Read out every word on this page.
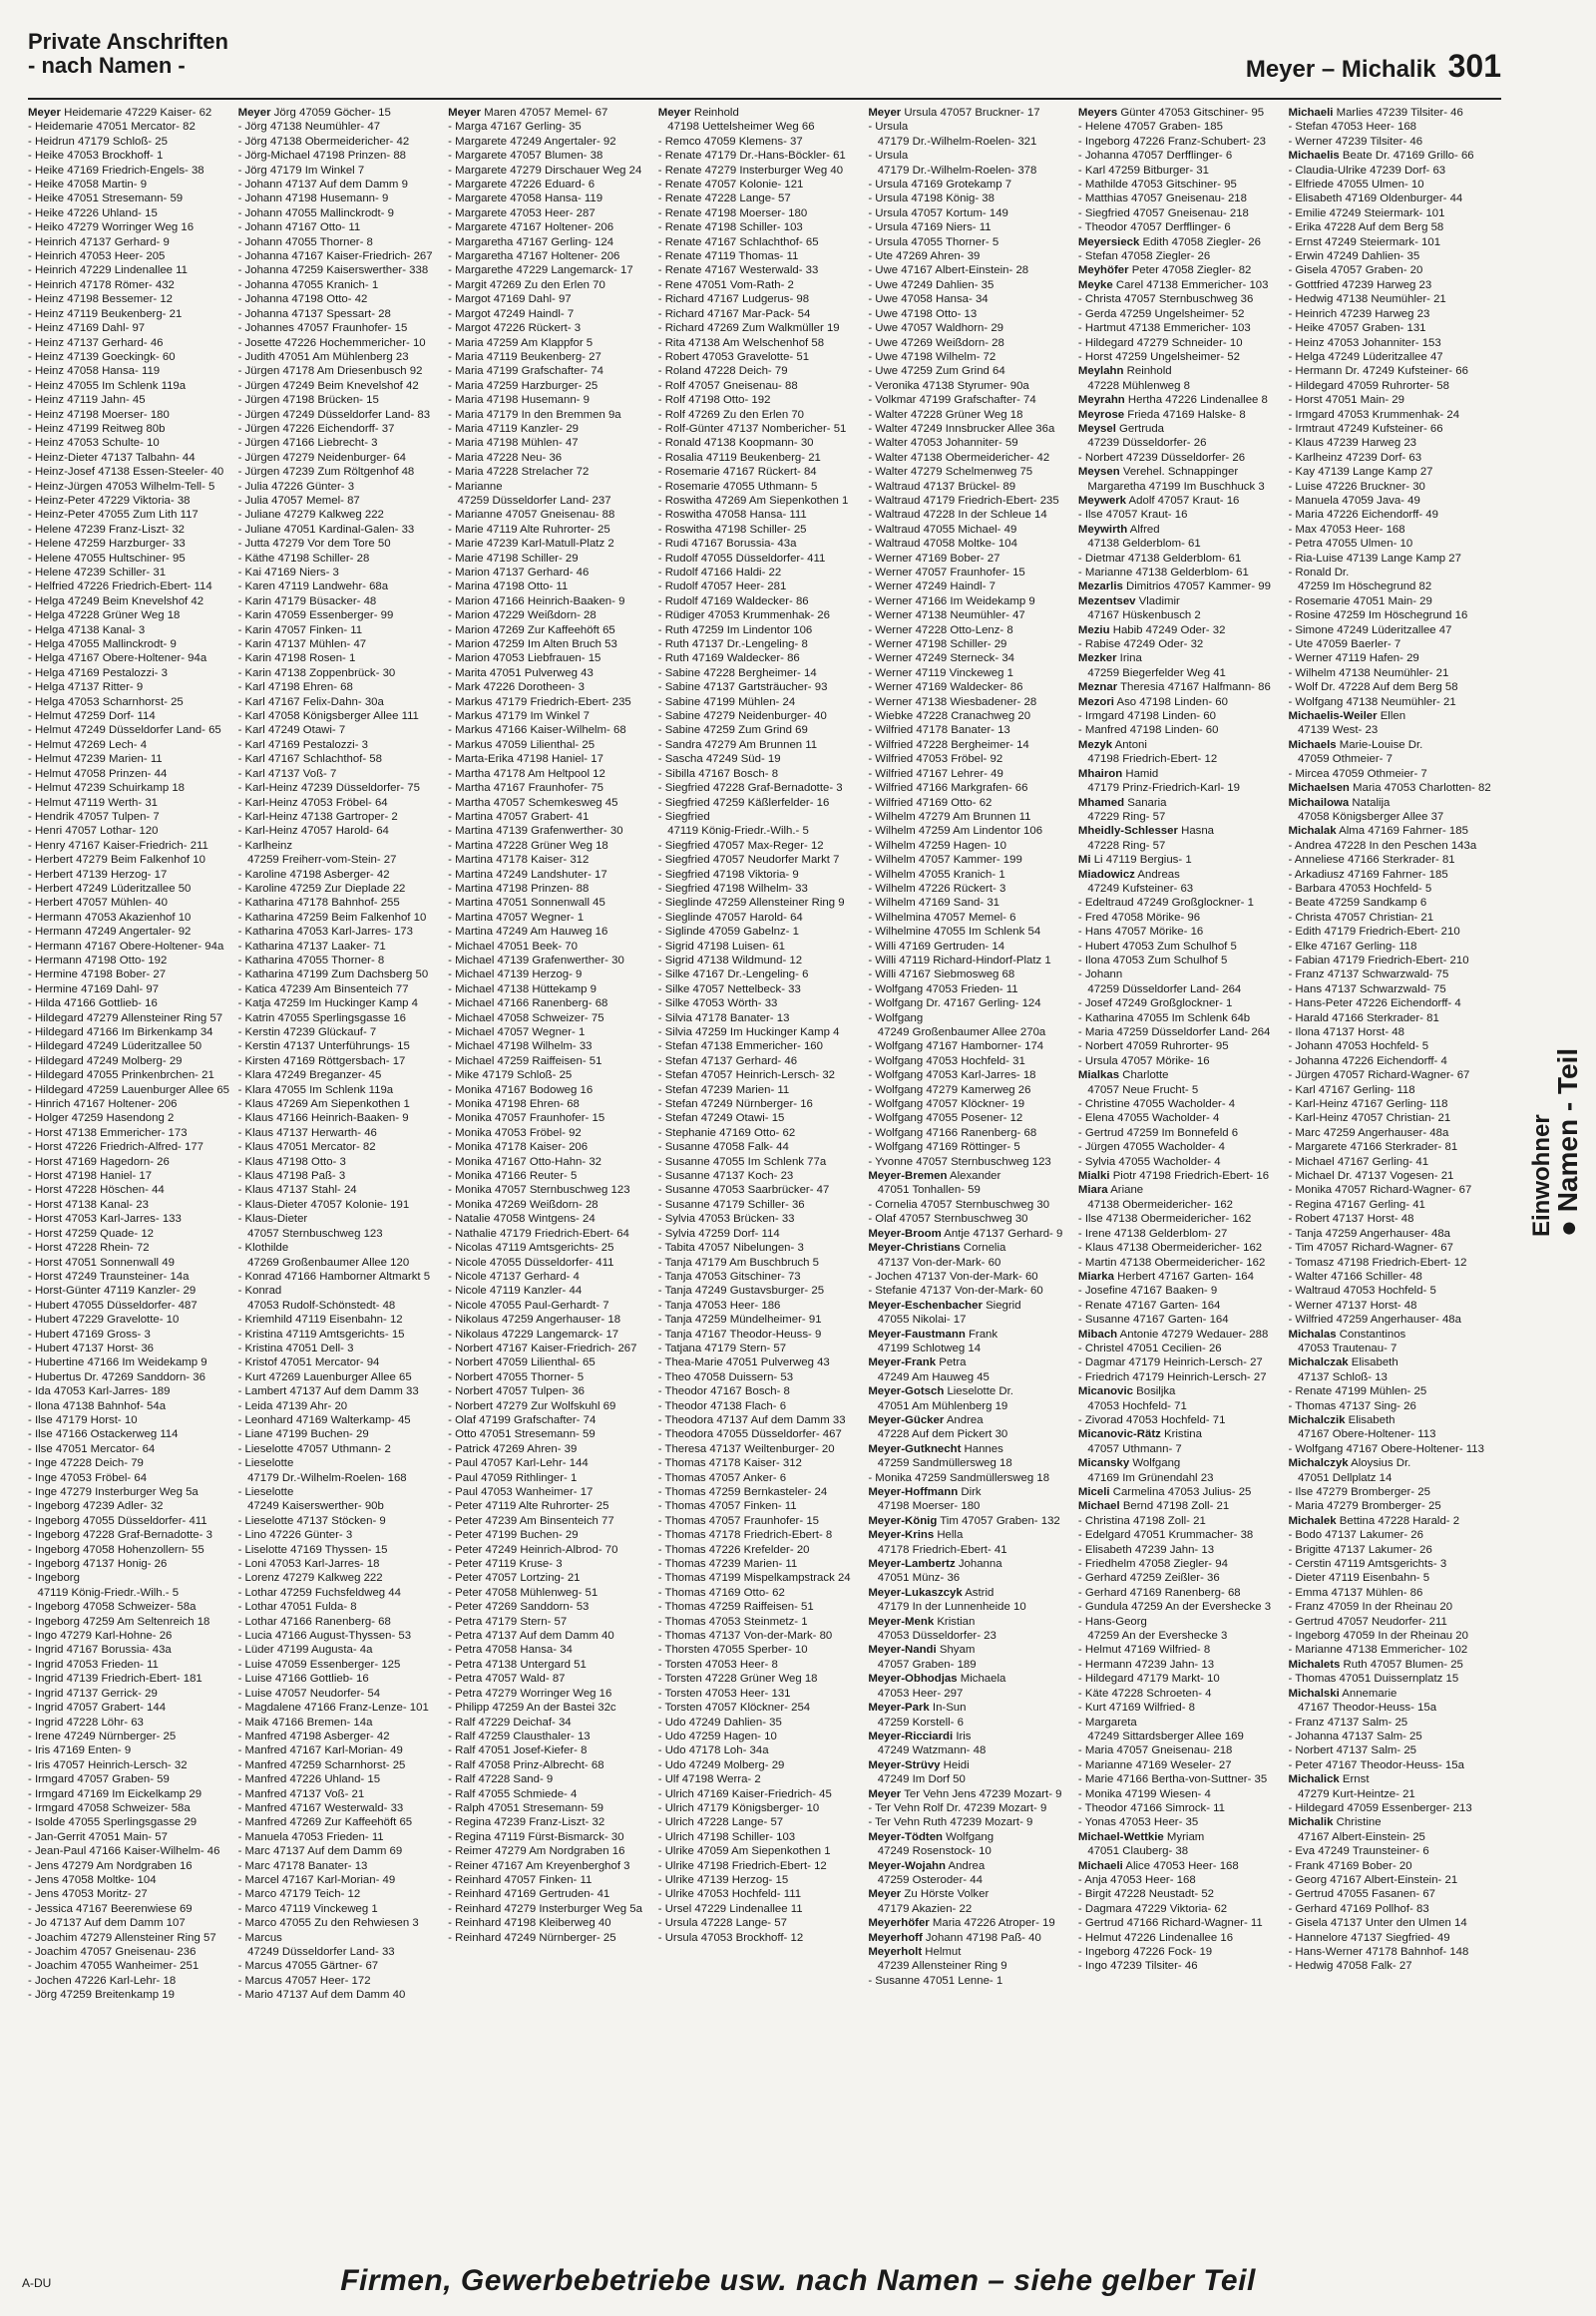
Private Anschriften
- nach Namen -	Meyer – Michalik 301
Meyer Heidemarie 47229 Kaiser- 62
- Heidemarie 47051 Mercator- 82
- Heidrun 47179 Schloß- 25
- Heike 47053 Brockhoff- 1
- Heike 47169 Friedrich-Engels- 38
- Heike 47058 Martin- 9
- Heike 47051 Stresemann- 59
- Heike 47226 Uhland- 15
- Heiko 47279 Worringer Weg 16
- Heinrich 47137 Gerhard- 9
- Heinrich 47053 Heer- 205
- Heinrich 47229 Lindenallee 11
- Heinrich 47178 Römer- 432
- Heinz 47198 Bessemer- 12
- Heinz 47119 Beukenberg- 21
- Heinz 47169 Dahl- 97
- Heinz 47137 Gerhard- 46
- Heinz 47139 Goeckingk- 60
- Heinz 47058 Hansa- 119
- Heinz 47055 Im Schlenk 119a
- Heinz 47119 Jahn- 45
- Heinz 47198 Moerser- 180
- Heinz 47199 Reitweg 80b
- Heinz 47053 Schulte- 10
- Heinz-Dieter 47137 Talbahn- 44
- Heinz-Josef 47138 Essen-Steeler- 40
- Heinz-Jürgen 47053 Wilhelm-Tell- 5
- Heinz-Peter 47229 Viktoria- 38
- Heinz-Peter 47055 Zum Lith 117
- Helene 47239 Franz-Liszt- 32
- Helene 47259 Harzburger- 33
- Helene 47055 Hultschiner- 95
- Helene 47239 Schiller- 31
- Helfried 47226 Friedrich-Ebert- 114
- Helga 47249 Beim Knevelshof 42
- Helga 47228 Grüner Weg 18
- Helga 47138 Kanal- 3
- Helga 47055 Mallinckrodt- 9
- Helga 47167 Obere-Holtener- 94a
- Helga 47169 Pestalozzi- 3
- Helga 47137 Ritter- 9
- Helga 47053 Scharnhorst- 25
- Helmut 47259 Dorf- 114
- Helmut 47249 Düsseldorfer Land- 65
- Helmut 47269 Lech- 4
- Helmut 47239 Marien- 11
- Helmut 47058 Prinzen- 44
- Helmut 47239 Schuirkamp 18
- Helmut 47119 Werth- 31
- Hendrik 47057 Tulpen- 7
- Henri 47057 Lothar- 120
- Henry 47167 Kaiser-Friedrich- 211
- Herbert 47279 Beim Falkenhof 10
- Herbert 47139 Herzog- 17
- Herbert 47249 Lüderitzallee 50
- Herbert 47057 Mühlen- 40
- Hermann 47053 Akazienhof 10
- Hermann 47249 Angertaler- 92
- Hermann 47167 Obere-Holtener- 94a
- Hermann 47198 Otto- 192
- Hermine 47198 Bober- 27
- Hermine 47169 Dahl- 97
- Hilda 47166 Gottlieb- 16
- Hildegard 47279 Allensteiner Ring 57
- Hildegard 47166 Im Birkenkamp 34
- Hildegard 47249 Lüderitzallee 50
- Hildegard 47249 Molberg- 29
- Hildegard 47055 Prinkenbrchen- 21
- Hildegard 47259 Lauenburger Allee 65
- Hinrich 47167 Holtener- 206
- Holger 47259 Hasendong 2
- Horst 47138 Emmericher- 173
- Horst 47226 Friedrich-Alfred- 177
- Horst 47169 Hagedorn- 26
- Horst 47198 Haniel- 17
- Horst 47228 Höschen- 44
- Horst 47138 Kanal- 23
- Horst 47053 Karl-Jarres- 133
- Horst 47259 Quade- 12
- Horst 47228 Rhein- 72
- Horst 47051 Sonnenwall 49
- Horst 47249 Traunsteiner- 14a
- Horst-Günter 47119 Kanzler- 29
- Hubert 47055 Düsseldorfer- 487
- Hubert 47229 Gravelotte- 10
- Hubert 47169 Gross- 3
- Hubert 47137 Horst- 36
- Hubertine 47166 Im Weidekamp 9
- Hubertus Dr. 47269 Sanddorn- 36
- Ida 47053 Karl-Jarres- 189
- Ilona 47138 Bahnhof- 54a
- Ilse 47179 Horst- 10
- Ilse 47166 Ostackerweg 114
- Ilse 47051 Mercator- 64
- Inge 47228 Deich- 79
- Inge 47053 Fröbel- 64
- Inge 47279 Insterburger Weg 5a
- Ingeborg 47239 Adler- 32
- Ingeborg 47055 Düsseldorfer- 411
- Ingeborg 47228 Graf-Bernadotte- 3
- Ingeborg 47058 Hohenzollern- 55
- Ingeborg 47137 Honig- 26
- Ingeborg
47119 König-Friedr.-Wilh.- 5
- Ingeborg 47058 Schweizer- 58a
- Ingeborg 47259 Am Seltenreich 18
- Ingo 47279 Karl-Hohne- 26
- Ingrid 47167 Borussia- 43a
- Ingrid 47053 Frieden- 11
- Ingrid 47139 Friedrich-Ebert- 181
- Ingrid 47137 Gerrick- 29
- Ingrid 47057 Grabert- 144
- Ingrid 47228 Löhr- 63
- Irene 47249 Nürnberger- 25
- Iris 47169 Enten- 9
- Iris 47057 Heinrich-Lersch- 32
- Irmgard 47057 Graben- 59
- Irmgard 47169 Im Eickelkamp 29
- Irmgard 47058 Schweizer- 58a
- Isolde 47055 Sperlingsgasse 29
- Jan-Gerrit 47051 Main- 57
- Jean-Paul 47166 Kaiser-Wilhelm- 46
- Jens 47279 Am Nordgraben 16
- Jens 47058 Moltke- 104
- Jens 47053 Moritz- 27
- Jessica 47167 Beerenwiese 69
- Jo 47137 Auf dem Damm 107
- Joachim 47279 Allensteiner Ring 57
- Joachim 47057 Gneisenau- 236
- Joachim 47055 Wanheimer- 251
- Jochen 47226 Karl-Lehr- 18
- Jörg 47259 Breitenkamp 19
Meyer Jörg 47059 Göcher- 15
- Jörg 47138 Neumühler- 47
- Jörg 47138 Obermeidericher- 42
- Jörg-Michael 47198 Prinzen- 88
- Jörg 47179 Im Winkel 7
- Johann 47137 Auf dem Damm 9
- Johann 47198 Husemann- 9
- Johann 47055 Mallinckrodt- 9
- Johann 47167 Otto- 11
- Johann 47055 Thorner- 8
- Johanna 47167 Kaiser-Friedrich- 267
- Johanna 47259 Kaiserswerther- 338
- Johanna 47055 Kranich- 1
- Johanna 47198 Otto- 42
- Johanna 47137 Spessart- 28
- Johannes 47057 Fraunhofer- 15
- Josette 47226 Hochemmericher- 10
- Judith 47051 Am Mühlenberg 23
- Jürgen 47178 Am Driesenbusch 92
- Jürgen 47249 Beim Knevelshof 42
- Jürgen 47198 Brücken- 15
- Jürgen 47249 Düsseldorfer Land- 83
- Jürgen 47226 Eichendorff- 37
- Jürgen 47166 Liebrecht- 3
- Jürgen 47279 Neidenburger- 64
- Jürgen 47239 Zum Röltgenhof 48
- Julia 47226 Günter- 3
- Julia 47057 Memel- 87
- Juliane 47279 Kalkweg 222
- Juliane 47051 Kardinal-Galen- 33
- Jutta 47279 Vor dem Tore 50
- Käthe 47198 Schiller- 28
- Kai 47169 Niers- 3
- Karen 47119 Landwehr- 68a
- Karin 47179 Büsacker- 48
- Karin 47059 Essenberger- 99
- Karin 47057 Finken- 11
- Karin 47137 Mühlen- 47
- Karin 47198 Rosen- 1
- Karin 47138 Zoppenbrück- 30
- Karl 47198 Ehren- 68
- Karl 47167 Felix-Dahn- 30a
- Karl 47058 Königsberger Allee 111
- Karl 47249 Otawi- 7
- Karl 47169 Pestalozzi- 3
- Karl 47167 Schlachthof- 58
- Karl 47137 Voß- 7
- Karl-Heinz 47239 Düsseldorfer- 75
- Karl-Heinz 47053 Fröbel- 64
- Karl-Heinz 47138 Gartroper- 2
- Karl-Heinz 47057 Harold- 64
- Karlheinz
47259 Freiherr-vom-Stein- 27
- Karoline 47198 Asberger- 42
- Karoline 47259 Zur Dieplade 22
- Katharina 47178 Bahnhof- 255
- Katharina 47259 Beim Falkenhof 10
- Katharina 47053 Karl-Jarres- 173
- Katharina 47137 Laaker- 71
- Katharina 47055 Thorner- 8
- Katharina 47199 Zum Dachsberg 50
- Katica 47239 Am Binsenteich 77
- Katja 47259 Im Huckinger Kamp 4
- Katrin 47055 Sperlingsgasse 16
- Kerstin 47239 Glückauf- 7
- Kerstin 47137 Unterführungs- 15
- Kirsten 47169 Röttgersbach- 17
- Klara 47249 Breganzer- 45
- Klara 47055 Im Schlenk 119a
- Klaus 47269 Am Siepenkothen 1
- Klaus 47166 Heinrich-Baaken- 9
- Klaus 47137 Herwarth- 46
- Klaus 47051 Mercator- 82
- Klaus 47198 Otto- 3
- Klaus 47198 Paß- 3
- Klaus 47137 Stahl- 24
- Klaus-Dieter 47057 Kolonie- 191
- Klaus-Dieter
47057 Sternbuschweg 123
- Klothilde
47269 Großenbaumer Allee 120
- Konrad 47166 Hamborner Altmarkt 5
- Konrad
47053 Rudolf-Schönstedt- 48
- Kriemhild 47119 Eisenbahn- 12
- Kristina 47119 Amtsgerichts- 15
- Kristina 47051 Dell- 3
- Kristof 47051 Mercator- 94
- Kurt 47269 Lauenburger Allee 65
- Lambert 47137 Auf dem Damm 33
- Leida 47139 Ahr- 20
- Leonhard 47169 Walterkamp- 45
- Liane 47199 Buchen- 29
- Lieselotte 47057 Uthmann- 2
- Lieselotte
47179 Dr.-Wilhelm-Roelen- 168
- Lieselotte
47249 Kaiserswerther- 90b
- Lieselotte 47137 Stöcken- 9
- Lino 47226 Günter- 3
- Liselotte 47169 Thyssen- 15
- Loni 47053 Karl-Jarres- 18
- Lorenz 47279 Kalkweg 222
- Lothar 47259 Fuchsfeldweg 44
- Lothar 47051 Fulda- 8
- Lothar 47166 Ranenberg- 68
- Lucia 47166 August-Thyssen- 53
- Lüder 47199 Augusta- 4a
- Luise 47059 Essenberger- 125
- Luise 47166 Gottlieb- 16
- Luise 47057 Neudorfer- 54
- Magdalene 47166 Franz-Lenze- 101
- Maik 47166 Bremen- 14a
- Manfred 47198 Asberger- 42
- Manfred 47167 Karl-Morian- 49
- Manfred 47259 Scharnhorst- 25
- Manfred 47226 Uhland- 15
- Manfred 47137 Voß- 21
- Manfred 47167 Westerwald- 33
- Manfred 47269 Zur Kaffeehöft 65
- Manuela 47053 Frieden- 11
- Marc 47137 Auf dem Damm 69
- Marc 47178 Banater- 13
- Marcel 47167 Karl-Morian- 49
- Marco 47179 Teich- 12
- Marco 47119 Vinckeweg 1
- Marco 47055 Zu den Rehwiesen 3
- Marcus
47249 Düsseldorfer Land- 33
- Marcus 47055 Gärtner- 67
- Marcus 47057 Heer- 172
- Mario 47137 Auf dem Damm 40
Meyer Maren 47057 Memel- 67
- Marga 47167 Gerling- 35
- Margarete 47249 Angertaler- 92
- Margarete 47057 Blumen- 38
- Margarete 47279 Dirschauer Weg 24
- Margarete 47226 Eduard- 6
- Margarete 47058 Hansa- 119
- Margarete 47053 Heer- 287
- Margarete 47167 Holtener- 206
- Margaretha 47167 Gerling- 124
- Margaretha 47167 Holtener- 206
- Margarethe 47229 Langemarck- 17
- Margit 47269 Zu den Erlen 70
- Margot 47169 Dahl- 97
- Margot 47249 Haindl- 7
- Margot 47226 Rückert- 3
- Maria 47259 Am Klappfor 5
- Maria 47119 Beukenberg- 27
- Maria 47199 Grafschafter- 74
- Maria 47259 Harzburger- 25
- Maria 47198 Husemann- 9
- Maria 47179 In den Bremmen 9a
- Maria 47119 Kanzler- 29
- Maria 47198 Mühlen- 47
- Maria 47228 Neu- 36
- Maria 47228 Strelacher 72
- Marianne
47259 Düsseldorfer Land- 237
- Marianne 47057 Gneisenau- 88
- Marie 47119 Alte Ruhrorter- 25
- Marie 47239 Karl-Matull-Platz 2
- Marie 47198 Schiller- 29
- Marion 47137 Gerhard- 46
- Marina 47198 Otto- 11
- Marion 47166 Heinrich-Baaken- 9
- Marion 47229 Weißdorn- 28
- Marion 47269 Zur Kaffeehöft 65
- Marion 47259 Im Alten Bruch 53
- Marion 47053 Liebfrauen- 15
- Marita 47051 Pulverweg 43
- Mark 47226 Dorotheen- 3
- Markus 47179 Friedrich-Ebert- 235
- Markus 47179 Im Winkel 7
- Markus 47166 Kaiser-Wilhelm- 68
- Markus 47059 Lilienthal- 25
- Marta-Erika 47198 Haniel- 17
- Martha 47178 Am Heltpool 12
- Martha 47167 Fraunhofer- 75
- Martha 47057 Schemkesweg 45
- Martina 47057 Grabert- 41
- Martina 47139 Grafenwerther- 30
- Martina 47228 Grüner Weg 18
- Martina 47178 Kaiser- 312
- Martina 47249 Landshuter- 17
- Martina 47198 Prinzen- 88
- Martina 47051 Sonnenwall 45
- Martina 47057 Wegner- 1
- Martina 47249 Am Hauweg 16
- Michael 47051 Beek- 70
- Michael 47139 Grafenwerther- 30
- Michael 47139 Herzog- 9
- Michael 47138 Hüttekamp 9
- Michael 47166 Ranenberg- 68
- Michael 47058 Schweizer- 75
- Michael 47057 Wegner- 1
- Michael 47198 Wilhelm- 33
- Michael 47259 Raiffeisen- 51
- Mike 47179 Schloß- 25
- Monika 47167 Bodoweg 16
- Monika 47198 Ehren- 68
- Monika 47057 Fraunhofer- 15
- Monika 47053 Fröbel- 92
- Monika 47178 Kaiser- 206
- Monika 47167 Otto-Hahn- 32
- Monika 47166 Reuter- 5
- Monika 47057 Sternbuschweg 123
- Monika 47269 Weißdorn- 28
- Natalie 47058 Wintgens- 24
- Nathalie 47179 Friedrich-Ebert- 64
- Nicolas 47119 Amtsgerichts- 25
- Nicole 47055 Düsseldorfer- 411
- Nicole 47137 Gerhard- 4
- Nicole 47119 Kanzler- 44
- Nicole 47055 Paul-Gerhardt- 7
- Nikolaus 47259 Angerhauser- 18
- Nikolaus 47229 Langemarck- 17
- Norbert 47167 Kaiser-Friedrich- 267
- Norbert 47059 Lilienthal- 65
- Norbert 47055 Thorner- 5
- Norbert 47057 Tulpen- 36
- Norbert 47279 Zur Wolfskuhl 69
- Olaf 47199 Grafschafter- 74
- Otto 47051 Stresemann- 59
- Patrick 47269 Ahren- 39
- Paul 47057 Karl-Lehr- 144
- Paul 47059 Rithlinger- 1
- Paul 47053 Wanheimer- 17
- Peter 47119 Alte Ruhrorter- 25
- Peter 47239 Am Binsenteich 77
- Peter 47199 Buchen- 29
- Peter 47249 Heinrich-Albrod- 70
- Peter 47119 Kruse- 3
- Peter 47057 Lortzing- 21
- Peter 47058 Mühlenweg- 51
- Peter 47269 Sanddorn- 53
- Petra 47179 Stern- 57
- Petra 47137 Auf dem Damm 40
- Petra 47058 Hansa- 34
- Petra 47138 Untergard 51
- Petra 47057 Wald- 87
- Petra 47279 Worringer Weg 16
- Philipp 47259 An der Bastei 32c
- Ralf 47229 Deichaf- 34
- Ralf 47259 Clausthaler- 13
- Ralf 47051 Josef-Kiefer- 8
- Ralf 47058 Prinz-Albrecht- 68
- Ralf 47228 Sand- 9
- Ralf 47055 Schmiede- 4
- Ralph 47051 Stresemann- 59
- Regina 47239 Franz-Liszt- 32
- Regina 47119 Fürst-Bismarck- 30
- Reimer 47279 Am Nordgraben 16
- Reiner 47167 Am Kreyenberghof 3
- Reinhard 47057 Finken- 11
- Reinhard 47169 Gertruden- 41
- Reinhard 47279 Insterburger Weg 5a
- Reinhard 47198 Kleiberweg 40
- Reinhard 47249 Nürnberger- 25
Meyer Reinhold
47198 Uettelsheimer Weg 66
- Remco 47059 Klemens- 37
- Renate 47179 Dr.-Hans-Böckler- 61
- Renate 47279 Insterburger Weg 40
- Renate 47057 Kolonie- 121
- Renate 47228 Lange- 57
- Renate 47198 Moerser- 180
- Renate 47198 Schiller- 103
- Renate 47167 Schlachthof- 65
- Renate 47119 Thomas- 11
- Renate 47167 Westerwald- 33
- Rene 47051 Vom-Rath- 2
- Richard 47167 Ludgerus- 98
- Richard 47167 Mar-Pack- 54
- Richard 47269 Zum Walkmüller 19
- Rita 47138 Am Welschenhof 58
- Robert 47053 Gravelotte- 51
- Roland 47228 Deich- 79
- Rolf 47057 Gneisenau- 88
- Rolf 47198 Otto- 192
- Rolf 47269 Zu den Erlen 70
- Rolf-Günter 47137 Nombericher- 51
- Ronald 47138 Koopmann- 30
- Rosalia 47119 Beukenberg- 21
- Rosemarie 47167 Rückert- 84
- Rosemarie 47055 Uthmann- 5
- Roswitha 47269 Am Siepenkothen 1
- Roswitha 47058 Hansa- 111
- Roswitha 47198 Schiller- 25
- Rudi 47167 Borussia- 43a
- Rudolf 47055 Düsseldorfer- 411
- Rudolf 47166 Haldi- 22
- Rudolf 47057 Heer- 281
- Rudolf 47169 Waldecker- 86
- Rüdiger 47053 Krummenhak- 26
- Ruth 47259 Im Lindentor 106
- Ruth 47137 Dr.-Lengeling- 8
- Ruth 47169 Waldecker- 86
- Sabine 47228 Bergheimer- 14
- Sabine 47137 Gartsträucher- 93
- Sabine 47199 Mühlen- 24
- Sabine 47279 Neidenburger- 40
- Sabine 47259 Zum Grind 69
- Sandra 47279 Am Brunnen 11
- Sascha 47249 Süd- 19
- Sibilla 47167 Bosch- 8
- Siegfried 47228 Graf-Bernadotte- 3
- Siegfried 47259 Käßlerfelder- 16
- Siegfried
47119 König-Friedr.-Wilh.- 5
- Siegfried 47057 Max-Reger- 12
- Siegfried 47057 Neudorfer Markt 7
- Siegfried 47198 Viktoria- 9
- Siegfried 47198 Wilhelm- 33
- Sieglinde 47259 Allensteiner Ring 9
- Sieglinde 47057 Harold- 64
- Siglinde 47059 Gabelnz- 1
- Sigrid 47198 Luisen- 61
- Sigrid 47138 Wildmund- 12
- Silke 47167 Dr.-Lengeling- 6
- Silke 47057 Nettelbeck- 33
- Silke 47053 Wörth- 33
- Silvia 47178 Banater- 13
- Silvia 47259 Im Huckinger Kamp 4
- Stefan 47138 Emmericher- 160
- Stefan 47137 Gerhard- 46
- Stefan 47057 Heinrich-Lersch- 32
- Stefan 47239 Marien- 11
- Stefan 47249 Nürnberger- 16
- Stefan 47249 Otawi- 15
- Stephanie 47169 Otto- 62
- Susanne 47058 Falk- 44
- Susanne 47055 Im Schlenk 77a
- Susanne 47137 Koch- 23
- Susanne 47053 Saarbrücker- 47
- Susanne 47179 Schiller- 36
- Sylvia 47053 Brücken- 33
- Sylvia 47259 Dorf- 114
- Tabita 47057 Nibelungen- 3
- Tanja 47179 Am Buschbruch 5
- Tanja 47053 Gitschiner- 73
- Tanja 47249 Gustavsburger- 25
- Tanja 47053 Heer- 186
- Tanja 47259 Mündelheimer- 91
- Tanja 47167 Theodor-Heuss- 9
- Tatjana 47179 Stern- 57
- Thea-Marie 47051 Pulverweg 43
- Theo 47058 Duissern- 53
- Theodor 47167 Bosch- 8
- Theodor 47138 Flach- 6
- Theodora 47137 Auf dem Damm 33
- Theodora 47055 Düsseldorfer- 467
- Theresa 47137 Weiltenburger- 20
- Thomas 47178 Kaiser- 312
- Thomas 47057 Anker- 6
- Thomas 47259 Bernkasteler- 24
- Thomas 47057 Finken- 11
- Thomas 47057 Fraunhofer- 15
- Thomas 47178 Friedrich-Ebert- 8
- Thomas 47226 Krefelder- 20
- Thomas 47239 Marien- 11
- Thomas 47199 Mispelkampstrack 24
- Thomas 47169 Otto- 62
- Thomas 47259 Raiffeisen- 51
- Thomas 47053 Steinmetz- 1
- Thomas 47137 Von-der-Mark- 80
- Thorsten 47055 Sperber- 10
- Torsten 47053 Heer- 8
- Torsten 47228 Grüner Weg 18
- Torsten 47053 Heer- 131
- Torsten 47057 Klöckner- 254
- Udo 47249 Dahlien- 35
- Udo 47259 Hagen- 10
- Udo 47178 Loh- 34a
- Udo 47249 Molberg- 29
- Ulf 47198 Werra- 2
- Ulrich 47169 Kaiser-Friedrich- 45
- Ulrich 47179 Königsberger- 10
- Ulrich 47228 Lange- 57
- Ulrich 47198 Schiller- 103
- Ulrike 47059 Am Siepenkothen 1
- Ulrike 47198 Friedrich-Ebert- 12
- Ulrike 47139 Herzog- 15
- Ulrike 47053 Hochfeld- 111
- Ursel 47229 Lindenallee 11
- Ursula 47228 Lange- 57
- Ursula 47053 Brockhoff- 12
Meyer Ursula 47057 Bruckner- 17
- Ursula
47179 Dr.-Wilhelm-Roelen- 321
- Ursula
47179 Dr.-Wilhelm-Roelen- 378
- Ursula 47169 Grotekamp 7
- Ursula 47198 König- 38
- Ursula 47057 Kortum- 149
- Ursula 47169 Niers- 11
- Ursula 47055 Thorner- 5
- Ute 47269 Ahren- 39
- Uwe 47167 Albert-Einstein- 28
- Uwe 47249 Dahlien- 35
- Uwe 47058 Hansa- 34
- Uwe 47198 Otto- 13
- Uwe 47057 Waldhorn- 29
- Uwe 47269 Weißdorn- 28
- Uwe 47198 Wilhelm- 72
- Uwe 47259 Zum Grind 64
- Veronika 47138 Styrumer- 90a
- Volkmar 47199 Grafschafter- 74
- Walter 47228 Grüner Weg 18
- Walter 47249 Innsbrucker Allee 36a
- Walter 47053 Johanniter- 59
- Walter 47138 Obermeidericher- 42
- Walter 47279 Schelmenweg 75
- Waltraud 47137 Brückel- 89
- Waltraud 47179 Friedrich-Ebert- 235
- Waltraud 47228 In der Schleue 14
- Waltraud 47055 Michael- 49
- Waltraud 47058 Moltke- 104
- Werner 47169 Bober- 27
- Werner 47057 Fraunhofer- 15
- Werner 47249 Haindl- 7
- Werner 47166 Im Weidekamp 9
- Werner 47138 Neumühler- 47
- Werner 47228 Otto-Lenz- 8
- Werner 47198 Schiller- 29
- Werner 47249 Sterneck- 34
- Werner 47119 Vinckeweg 1
- Werner 47169 Waldecker- 86
- Werner 47138 Wiesbadener- 28
- Wiebke 47228 Cranachweg 20
- Wilfried 47178 Banater- 13
- Wilfried 47228 Bergheimer- 14
- Wilfried 47053 Fröbel- 92
- Wilfried 47167 Lehrer- 49
- Wilfried 47166 Markgrafen- 66
- Wilfried 47169 Otto- 62
- Wilhelm 47279 Am Brunnen 11
- Wilhelm 47259 Am Lindentor 106
- Wilhelm 47259 Hagen- 10
- Wilhelm 47057 Kammer- 199
- Wilhelm 47055 Kranich- 1
- Wilhelm 47226 Rückert- 3
- Wilhelm 47169 Sand- 31
- Wilhelmina 47057 Memel- 6
- Wilhelmine 47055 Im Schlenk 54
- Willi 47169 Gertruden- 14
- Willi 47119 Richard-Hindorf-Platz 1
- Willi 47167 Siebmosweg 68
- Wolfgang 47053 Frieden- 11
- Wolfgang Dr. 47167 Gerling- 124
- Wolfgang
47249 Großenbaumer Allee 270a
- Wolfgang 47167 Hamborner- 174
- Wolfgang 47053 Hochfeld- 31
- Wolfgang 47053 Karl-Jarres- 18
- Wolfgang 47279 Kamerweg 26
- Wolfgang 47057 Klöckner- 19
- Wolfgang 47055 Posener- 12
- Wolfgang 47166 Ranenberg- 68
- Wolfgang 47169 Röttinger- 5
- Yvonne 47057 Sternbuschweg 123
Meyer-Bremen Alexander
47051 Tonhallen- 59
- Cornelia 47057 Sternbuschweg 30
- Olaf 47057 Sternbuschweg 30
Meyer-Broom Antje 47137 Gerhard- 9
Meyer-Christians Cornelia
47137 Von-der-Mark- 60
- Jochen 47137 Von-der-Mark- 60
- Stefanie 47137 Von-der-Mark- 60
Meyer-Eschenbacher Siegrid
47055 Nikolai- 17
Meyer-Faustmann Frank
47199 Schlotweg 14
Meyer-Frank Petra
47249 Am Hauweg 45
Meyer-Gotsch Lieselotte Dr.
47051 Am Mühlenberg 19
Meyer-Gücker Andrea
47228 Auf dem Pickert 30
Meyer-Gutknecht Hannes
47259 Sandmüllersweg 18
- Monika 47259 Sandmüllersweg 18
Meyer-Hoffmann Dirk
47198 Moerser- 180
Meyer-König Tim 47057 Graben- 132
Meyer-Krins Hella
47178 Friedrich-Ebert- 41
Meyer-Lambertz Johanna
47051 Münz- 36
Meyer-Lukaszcyk Astrid
47179 In der Lunnenheide 10
Meyer-Menk Kristian
47053 Düsseldorfer- 23
Meyer-Nandi Shyam
47057 Graben- 189
Meyer-Obhodjas Michaela
47053 Heer- 297
Meyer-Park In-Sun
47259 Korstell- 6
Meyer-Ricciardi Iris
47249 Watzmann- 48
Meyer-Strüvy Heidi
47249 Im Dorf 50
Meyer Ter Vehn Jens 47239 Mozart- 9
- Ter Vehn Rolf Dr. 47239 Mozart- 9
- Ter Vehn Ruth 47239 Mozart- 9
Meyer-Tödten Wolfgang
47249 Rosenstock- 10
Meyer-Wojahn Andrea
47259 Osteroder- 44
Meyer Zu Hörste Volker
47179 Akazien- 22
Meyerhöfer Maria 47226 Atroper- 19
Meyerhoff Johann 47198 Paß- 40
Meyerholt Helmut
47239 Allensteiner Ring 9
- Susanne 47051 Lenne- 1
Meyers Günter 47053 Gitschiner- 95
- Helene 47057 Graben- 185
- Ingeborg 47226 Franz-Schubert- 23
- Johanna 47057 Derfflinger- 6
- Karl 47259 Bitburger- 31
- Mathilde 47053 Gitschiner- 95
- Matthias 47057 Gneisenau- 218
- Siegfried 47057 Gneisenau- 218
- Theodor 47057 Derfflinger- 6
Meyersieck Edith 47058 Ziegler- 26
- Stefan 47058 Ziegler- 26
Meyhöfer Peter 47058 Ziegler- 82
Meyke Carel 47138 Emmericher- 103
- Christa 47057 Sternbuschweg 36
- Gerda 47259 Ungelsheimer- 52
- Hartmut 47138 Emmericher- 103
- Hildegard 47279 Schneider- 10
- Horst 47259 Ungelsheimer- 52
Meylahn Reinhold
47228 Mühlenweg 8
Meyrahn Hertha 47226 Lindenallee 8
Meyrose Frieda 47169 Halske- 8
Meysel Gertruda
47239 Düsseldorfer- 26
- Norbert 47239 Düsseldorfer- 26
Meysen Verehel. Schnappinger
Margaretha 47199 Im Buschhuck 3
Meywerk Adolf 47057 Kraut- 16
- Ilse 47057 Kraut- 16
Meywirth Alfred
47138 Gelderblom- 61
- Dietmar 47138 Gelderblom- 61
- Marianne 47138 Gelderblom- 61
Mezarlis Dimitrios 47057 Kammer- 99
Mezentsev Vladimir
47167 Hüskenbusch 2
Meziu Habib 47249 Oder- 32
- Rabise 47249 Oder- 32
Mezker Irina
47259 Biegerfelder Weg 41
Meznar Theresia 47167 Halfmann- 86
Mezori Aso 47198 Linden- 60
- Irmgard 47198 Linden- 60
- Manfred 47198 Linden- 60
Mezyk Antoni
47198 Friedrich-Ebert- 12
Mhairon Hamid
47179 Prinz-Friedrich-Karl- 19
Mhamed Sanaria
47229 Ring- 57
Mheidly-Schlesser Hasna
47228 Ring- 57
Mi Li 47119 Bergius- 1
Miadowicz Andreas
47249 Kufsteiner- 63
- Edeltraud 47249 Großglockner- 1
- Fred 47058 Mörike- 96
- Hans 47057 Mörike- 16
- Hubert 47053 Zum Schulhof 5
- Ilona 47053 Zum Schulhof 5
- Johann
47259 Düsseldorfer Land- 264
- Josef 47249 Großglockner- 1
- Katharina 47055 Im Schlenk 64b
- Maria 47259 Düsseldorfer Land- 264
- Norbert 47059 Ruhrorter- 95
- Ursula 47057 Mörike- 16
Mialkas Charlotte
47057 Neue Frucht- 5
- Christine 47055 Wacholder- 4
- Elena 47055 Wacholder- 4
- Gertrud 47259 Im Bonnefeld 6
- Jürgen 47055 Wacholder- 4
- Sylvia 47055 Wacholder- 4
Mialki Piotr 47198 Friedrich-Ebert- 16
Miara Ariane
47138 Obermeidericher- 162
- Ilse 47138 Obermeidericher- 162
- Irene 47138 Gelderblom- 27
- Klaus 47138 Obermeidericher- 162
- Martin 47138 Obermeidericher- 162
Miarka Herbert 47167 Garten- 164
- Josefine 47167 Baaken- 9
- Renate 47167 Garten- 164
- Susanne 47167 Garten- 164
Mibach Antonie 47279 Wedauer- 288
- Christel 47051 Cecilien- 26
- Dagmar 47179 Heinrich-Lersch- 27
- Friedrich 47179 Heinrich-Lersch- 27
Micanovic Bosiljka
47053 Hochfeld- 71
- Zivorad 47053 Hochfeld- 71
Micanovic-Rätz Kristina
47057 Uthmann- 7
Micansky Wolfgang
47169 Im Grünendahl 23
Miceli Carmelina 47053 Julius- 25
Michael Bernd 47198 Zoll- 21
- Christina 47198 Zoll- 21
- Edelgard 47051 Krummacher- 38
- Elisabeth 47239 Jahn- 13
- Friedhelm 47058 Ziegler- 94
- Gerhard 47259 Zeißler- 36
- Gerhard 47169 Ranenberg- 68
- Gundula 47259 An der Evershecke 3
- Hans-Georg
47259 An der Evershecke 3
- Helmut 47169 Wilfried- 8
- Hermann 47239 Jahn- 13
- Hildegard 47179 Markt- 10
- Käte 47228 Schroeten- 4
- Kurt 47169 Wilfried- 8
- Margareta
47249 Sittardsberger Allee 169
- Maria 47057 Gneisenau- 218
- Marianne 47169 Weseler- 27
- Marie 47166 Bertha-von-Suttner- 35
- Monika 47199 Wiesen- 4
- Theodor 47166 Simrock- 11
- Yonas 47053 Heer- 35
Michael-Wettkie Myriam
47051 Clauberg- 38
Michaeli Alice 47053 Heer- 168
- Anja 47053 Heer- 168
- Birgit 47228 Neustadt- 52
- Dagmara 47229 Viktoria- 62
- Gertrud 47166 Richard-Wagner- 11
- Helmut 47226 Lindenallee 16
- Ingeborg 47226 Fock- 19
- Ingo 47239 Tilsiter- 46
Michaeli Marlies 47239 Tilsiter- 46
- Stefan 47053 Heer- 168
- Werner 47239 Tilsiter- 46
Michaelis Beate Dr. 47169 Grillo- 66
- Claudia-Ulrike 47239 Dorf- 63
- Elfriede 47055 Ulmen- 10
- Elisabeth 47169 Oldenburger- 44
- Emilie 47249 Steiermark- 101
- Erika 47228 Auf dem Berg 58
- Ernst 47249 Steiermark- 101
- Erwin 47249 Dahlien- 35
- Gisela 47057 Graben- 20
- Gottfried 47239 Harweg 23
- Hedwig 47138 Neumühler- 21
- Heinrich 47239 Harweg 23
- Heike 47057 Graben- 131
- Heinz 47053 Johanniter- 153
- Helga 47249 Lüderitzallee 47
- Hermann Dr. 47249 Kufsteiner- 66
- Hildegard 47059 Ruhrorter- 58
- Horst 47051 Main- 29
- Irmgard 47053 Krummenhak- 24
- Irmtraut 47249 Kufsteiner- 66
- Klaus 47239 Harweg 23
- Karlheinz 47239 Dorf- 63
- Kay 47139 Lange Kamp 27
- Luise 47226 Bruckner- 30
- Manuela 47059 Java- 49
- Maria 47226 Eichendorff- 49
- Max 47053 Heer- 168
- Petra 47055 Ulmen- 10
- Ria-Luise 47139 Lange Kamp 27
- Ronald Dr.
47259 Im Höschegrund 82
- Rosemarie 47051 Main- 29
- Rosine 47259 Im Höschegrund 16
- Simone 47249 Lüderitzallee 47
- Ute 47059 Baerler- 7
- Werner 47119 Hafen- 29
- Wilhelm 47138 Neumühler- 21
- Wolf Dr. 47228 Auf dem Berg 58
- Wolfgang 47138 Neumühler- 21
Michaelis-Weiler Ellen
47139 West- 23
Michaels Marie-Louise Dr.
47059 Othmeier- 7
- Mircea 47059 Othmeier- 7
Michaelsen Maria 47053 Charlotten- 82
Michailowa Natalija
47058 Königsberger Allee 37
Michalak Alma 47169 Fahrner- 185
- Andrea 47228 In den Peschen 143a
- Anneliese 47166 Sterkrader- 81
- Arkadiusz 47169 Fahrner- 185
- Barbara 47053 Hochfeld- 5
- Beate 47259 Sandkamp 6
- Christa 47057 Christian- 21
- Edith 47179 Friedrich-Ebert- 210
- Elke 47167 Gerling- 118
- Fabian 47179 Friedrich-Ebert- 210
- Franz 47137 Schwarzwald- 75
- Hans 47137 Schwarzwald- 75
- Hans-Peter 47226 Eichendorff- 4
- Harald 47166 Sterkrader- 81
- Ilona 47137 Horst- 48
- Johann 47053 Hochfeld- 5
- Johanna 47226 Eichendorff- 4
- Jürgen 47057 Richard-Wagner- 67
- Karl 47167 Gerling- 118
- Karl-Heinz 47167 Gerling- 118
- Karl-Heinz 47057 Christian- 21
- Marc 47259 Angerhauser- 48a
- Margarete 47166 Sterkrader- 81
- Michael 47167 Gerling- 41
- Michael Dr. 47137 Vogesen- 21
- Monika 47057 Richard-Wagner- 67
- Regina 47167 Gerling- 41
- Robert 47137 Horst- 48
- Tanja 47259 Angerhauser- 48a
- Tim 47057 Richard-Wagner- 67
- Tomasz 47198 Friedrich-Ebert- 12
- Walter 47166 Schiller- 48
- Waltraud 47053 Hochfeld- 5
- Werner 47137 Horst- 48
- Wilfried 47259 Angerhauser- 48a
Michalas Constantinos
47053 Trautenau- 7
Michalczak Elisabeth
47137 Schloß- 13
- Renate 47199 Mühlen- 25
- Thomas 47137 Sing- 26
Michalczik Elisabeth
47167 Obere-Holtener- 113
- Wolfgang 47167 Obere-Holtener- 113
Michalczyk Aloysius Dr.
47051 Dellplatz 14
- Ilse 47279 Bromberger- 25
- Maria 47279 Bromberger- 25
Michalek Bettina 47228 Harald- 2
- Bodo 47137 Lakumer- 26
- Brigitte 47137 Lakumer- 26
- Cerstin 47119 Amtsgerichts- 3
- Dieter 47119 Eisenbahn- 5
- Emma 47137 Mühlen- 86
- Franz 47059 In der Rheinau 20
- Gertrud 47057 Neudorfer- 211
- Ingeborg 47059 In der Rheinau 20
- Marianne 47138 Emmericher- 102
Michalets Ruth 47057 Blumen- 25
- Thomas 47051 Duissernplatz 15
Michalski Annemarie
47167 Theodor-Heuss- 15a
- Franz 47137 Salm- 25
- Johanna 47137 Salm- 25
- Norbert 47137 Salm- 25
- Peter 47167 Theodor-Heuss- 15a
Michalick Ernst
47279 Kurt-Heintze- 21
- Hildegard 47059 Essenberger- 213
Michalik Christine
47167 Albert-Einstein- 25
- Eva 47249 Traunsteiner- 6
- Frank 47169 Bober- 20
- Georg 47167 Albert-Einstein- 21
- Gertrud 47055 Fasanen- 67
- Gerhard 47169 Pollhof- 83
- Gisela 47137 Unter den Ulmen 14
- Hannelore 47137 Siegfried- 49
- Hans-Werner 47178 Bahnhof- 148
- Hedwig 47058 Falk- 27
Einwohner
● Namen - Teil
A-DU	Firmen, Gewerbebetriebe usw. nach Namen – siehe gelber Teil
